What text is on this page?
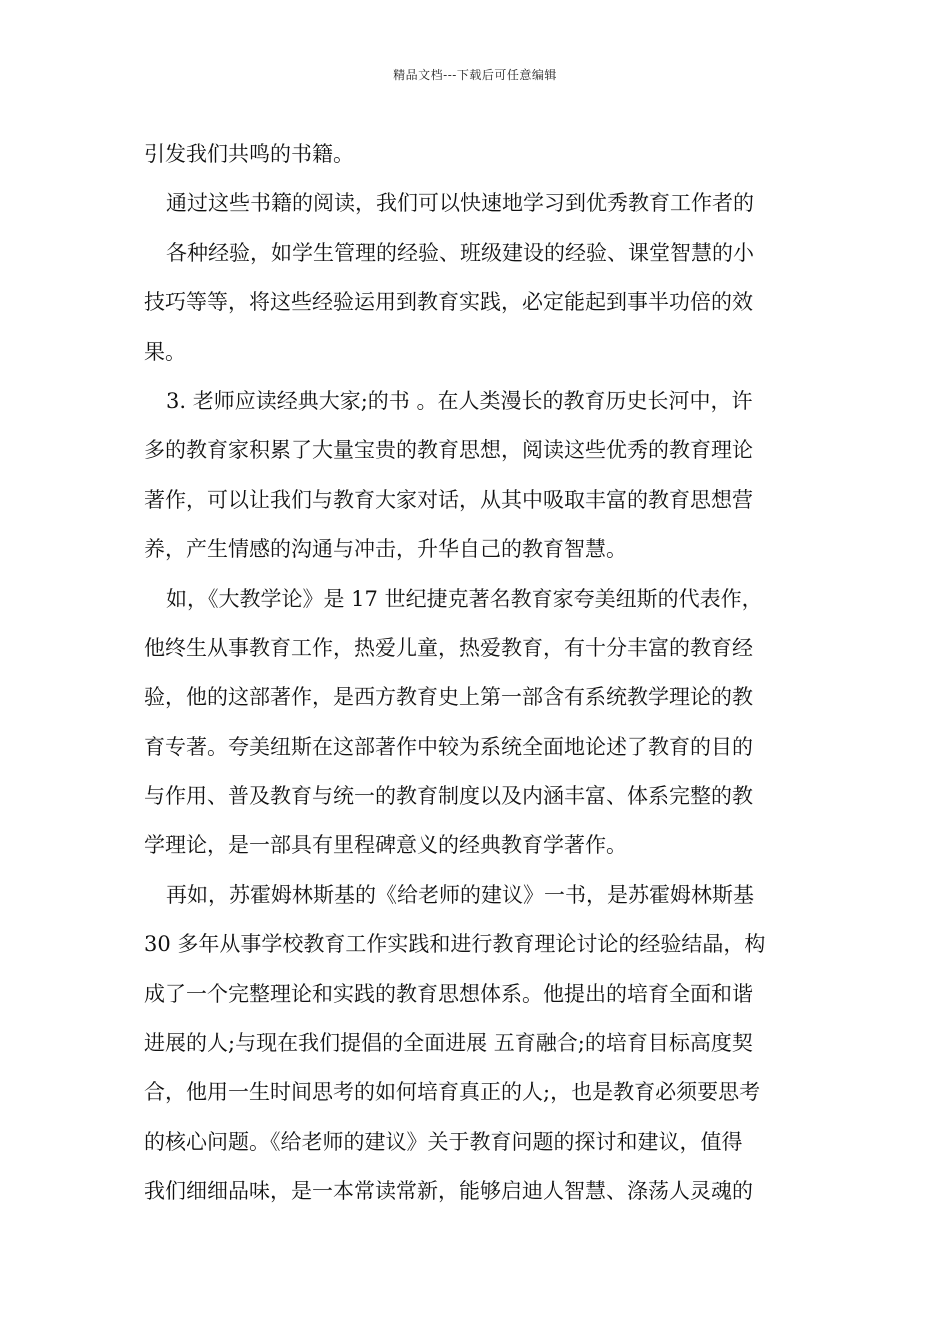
精品文档---下载后可任意编辑
引发我们共鸣的书籍。
通过这些书籍的阅读，我们可以快速地学习到优秀教育工作者的
各种经验，如学生管理的经验、班级建设的经验、课堂智慧的小
技巧等等，将这些经验运用到教育实践，必定能起到事半功倍的效
果。
3. 老师应读经典大家;的书 。在人类漫长的教育历史长河中，许
多的教育家积累了大量宝贵的教育思想，阅读这些优秀的教育理论
著作，可以让我们与教育大家对话，从其中吸取丰富的教育思想营
养，产生情感的沟通与冲击，升华自己的教育智慧。
如，《大教学论》是 17 世纪捷克著名教育家夸美纽斯的代表作，
他终生从事教育工作，热爱儿童，热爱教育，有十分丰富的教育经
验，他的这部著作，是西方教育史上第一部含有系统教学理论的教
育专著。夸美纽斯在这部著作中较为系统全面地论述了教育的目的
与作用、普及教育与统一的教育制度以及内涵丰富、体系完整的教
学理论，是一部具有里程碑意义的经典教育学著作。
再如，苏霍姆林斯基的《给老师的建议》一书，是苏霍姆林斯基
30 多年从事学校教育工作实践和进行教育理论讨论的经验结晶，构
成了一个完整理论和实践的教育思想体系。他提出的培育全面和谐
进展的人;与现在我们提倡的全面进展 五育融合;的培育目标高度契
合，他用一生时间思考的如何培育真正的人;，也是教育必须要思考
的核心问题。《给老师的建议》关于教育问题的探讨和建议，值得
我们细细品味，是一本常读常新，能够启迪人智慧、涤荡人灵魂的
